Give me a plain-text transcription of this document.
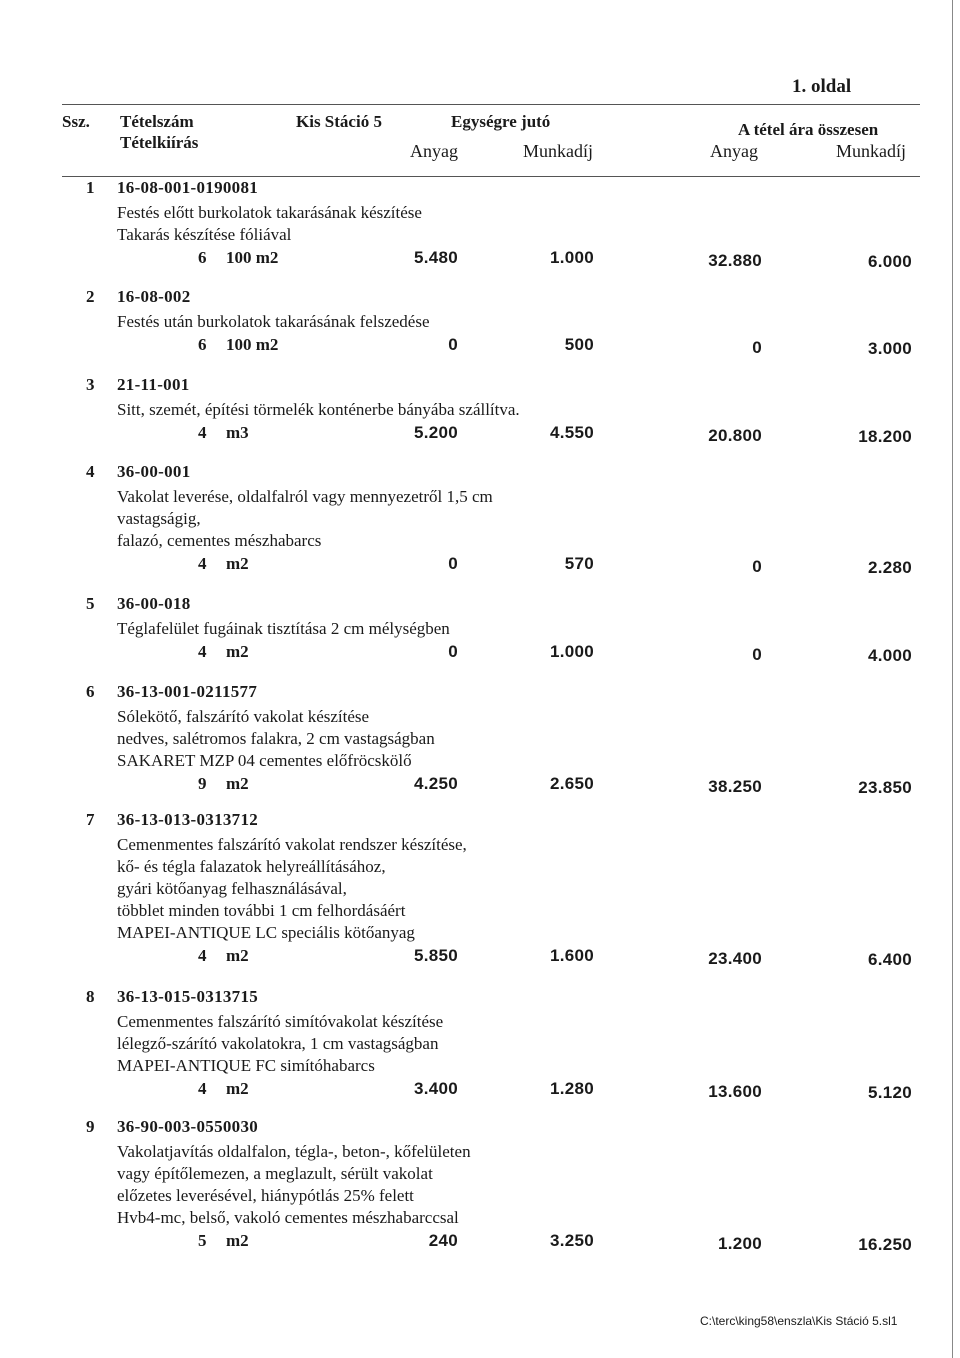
1. oldal
Ssz. Tételszám
Tételkiírás
Kis Stáció 5	Egységre jutó
Anyag	Munkadíj
A tétel ára összesen
Anyag	Munkadíj
1 16-08-001-0190081
Festés előtt burkolatok takarásának készítése
Takarás készítése fóliával
6 100 m2	5.480	1.000	32.880	6.000
2 16-08-002
Festés után burkolatok takarásának felszedése
6 100 m2	0	500	0	3.000
3 21-11-001
Sitt, szemét, építési törmelék konténerbe bányába szállítva.
4 m3	5.200	4.550	20.800	18.200
4 36-00-001
Vakolat leverése, oldalfalról vagy mennyezetről 1,5 cm
vastagságig,
falazó, cementes mészhabarcs
4 m2	0	570	0	2.280
5 36-00-018
Téglafelület fugáinak tisztítása 2 cm mélységben
4 m2	0	1.000	0	4.000
6 36-13-001-0211577
Sólekötő, falszárító vakolat készítése
nedves, salétromos falakra, 2 cm vastagságban
SAKARET MZP 04 cementes előfröcskölő
9 m2	4.250	2.650	38.250	23.850
7 36-13-013-0313712
Cemenmentes falszárító vakolat rendszer készítése,
kő- és tégla falazatok helyreállításához,
gyári kötőanyag felhasználásával,
többlet minden további 1 cm felhordásáért
MAPEI-ANTIQUE LC speciális kötőanyag
4 m2	5.850	1.600	23.400	6.400
8 36-13-015-0313715
Cemenmentes falszárító simítóvakolat készítése
lélegző-szárító vakolatokra, 1 cm vastagságban
MAPEI-ANTIQUE FC simítóhabarcs
4 m2	3.400	1.280	13.600	5.120
9 36-90-003-0550030
Vakolatjavítás oldalfalon, tégla-, beton-, kőfelületen
vagy építőlemezen, a meglazult, sérült vakolat
előzetes leverésével, hiánypótlás 25% felett
Hvb4-mc, belső, vakoló cementes mészhabarccsal
5 m2	240	3.250	1.200	16.250
C:\terc\king58\enszla\Kis Stáció 5.sl1
